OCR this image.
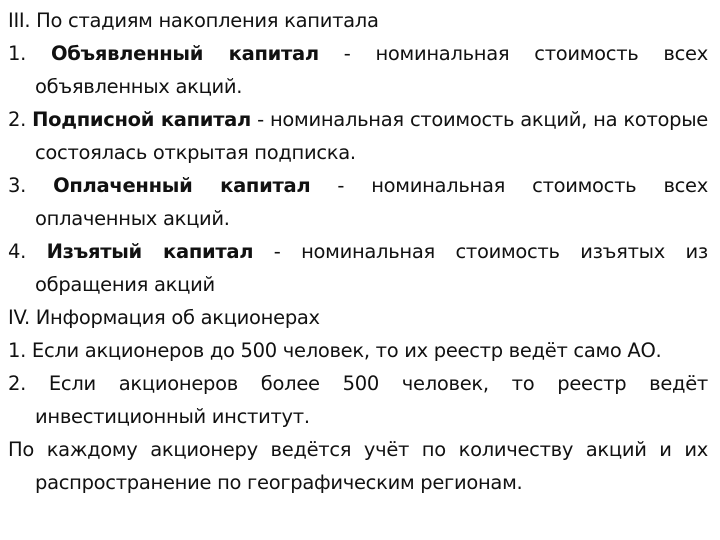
III. По стадиям накопления капитала

1. Объявленный капитал - номинальная стоимость всех объявленных акций.

2. Подписной капитал - номинальная стоимость акций, на которые состоялась открытая подписка.

3. Оплаченный капитал - номинальная стоимость всех оплаченных акций.

4. Изъятый капитал - номинальная стоимость изъятых из обращения акций

IV. Информация об акционерах

1. Если акционеров до 500 человек, то их реестр ведёт само АО.

2. Если акционеров более 500 человек, то реестр ведёт инвестиционный институт.

По каждому акционеру ведётся учёт по количеству акций и их распространение по географическим регионам.
